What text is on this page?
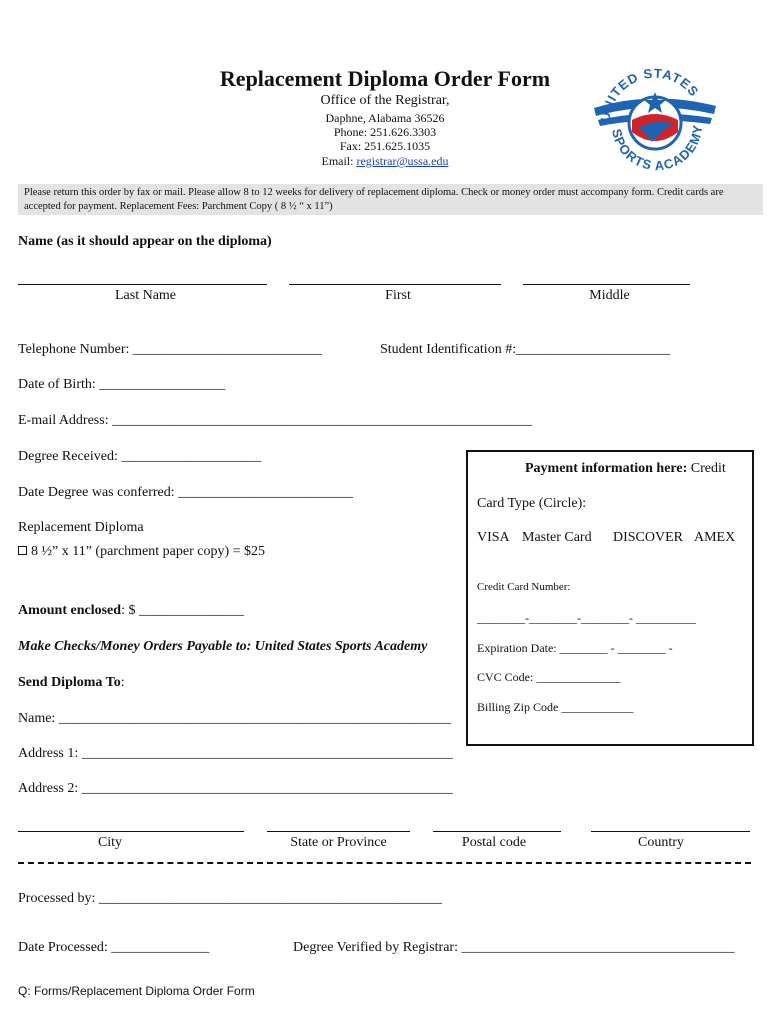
Replacement Diploma Order Form
Office of the Registrar,
Daphne, Alabama 36526
Phone: 251.626.3303
Fax: 251.625.1035
Email: registrar@ussa.edu
UNITED STATES
SPORTS ACADEMY
Please return this order by fax or mail. Please allow 8 to 12 weeks for delivery of replacement diploma. Check or money order must accompany form. Credit cards are accepted for payment. Replacement Fees: Parchment Copy ( 8 ½ “ x 11”)
Name (as it should appear on the diploma)
Last Name	First	Middle
Telephone Number: ___________________________	Student Identification #:______________________
Date of Birth: __________________
E-mail Address: ____________________________________________________________
Degree Received: ____________________
Date Degree was conferred: _________________________
Replacement Diploma
8 ½” x 11” (parchment paper copy) = $25
Amount enclosed: $ _______________
Make Checks/Money Orders Payable to: United States Sports Academy
Send Diploma To:
Name: ________________________________________________________
Address 1: _____________________________________________________
Address 2: _____________________________________________________
City	State or Province	Postal code	Country
Processed by: _________________________________________________
Date Processed: ______________	Degree Verified by Registrar: _______________________________________
Payment information here: Credit
Card Type (Circle):
VISA Master Card DISCOVER AMEX
Credit Card Number:
________-________-________- __________
Expiration Date: ________ - ________ -
CVC Code: ______________
Billing Zip Code ____________
Q: Forms/Replacement Diploma Order Form
